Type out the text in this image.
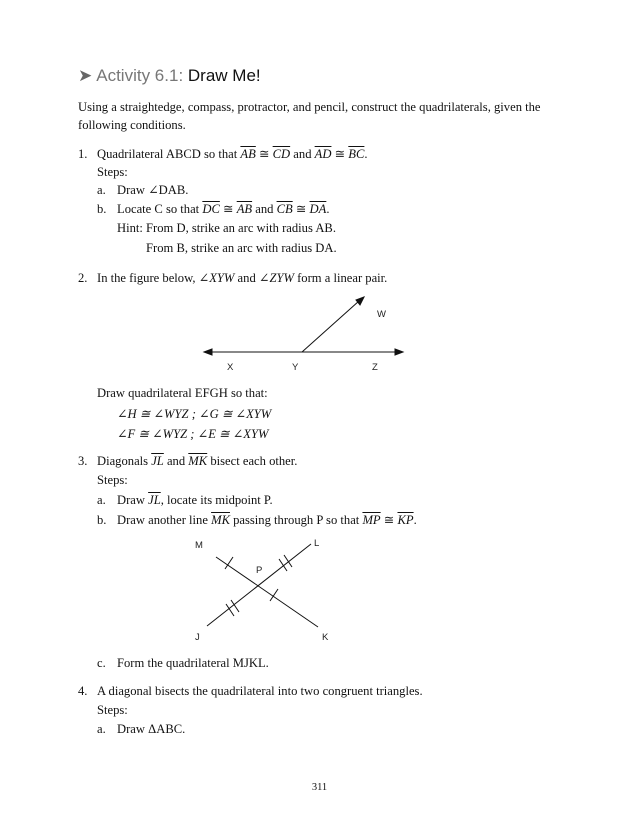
➤ Activity 6.1: Draw Me!
Using a straightedge, compass, protractor, and pencil, construct the quadrilaterals, given the
following conditions.
1. Quadrilateral ABCD so that $\overline{AB}$ ≅ $\overline{CD}$ and $\overline{AD}$ ≅ $\overline{BC}$.
Steps:
a. Draw ∠DAB.
b. Locate C so that $\overline{DC}$ ≅ $\overline{AB}$ and $\overline{CB}$ ≅ $\overline{DA}$.
Hint: From D, strike an arc with radius AB.
From B, strike an arc with radius DA.
2. In the figure below, ∠XYW and ∠ZYW form a linear pair.
W
X	Y	Z
Draw quadrilateral EFGH so that:
∠H ≅ ∠WYZ ; ∠G ≅ ∠XYW
∠F ≅ ∠WYZ ; ∠E ≅ ∠XYW
3. Diagonals $\overline{JL}$ and $\overline{MK}$ bisect each other.
Steps:
a. Draw $\overline{JL}$, locate its midpoint P.
b. Draw another line $\overline{MK}$ passing through P so that $\overline{MP}$ ≅ $\overline{KP}$.
M	L
P
J	K
c. Form the quadrilateral MJKL.
4. A diagonal bisects the quadrilateral into two congruent triangles.
Steps:
a. Draw ΔABC.
311
